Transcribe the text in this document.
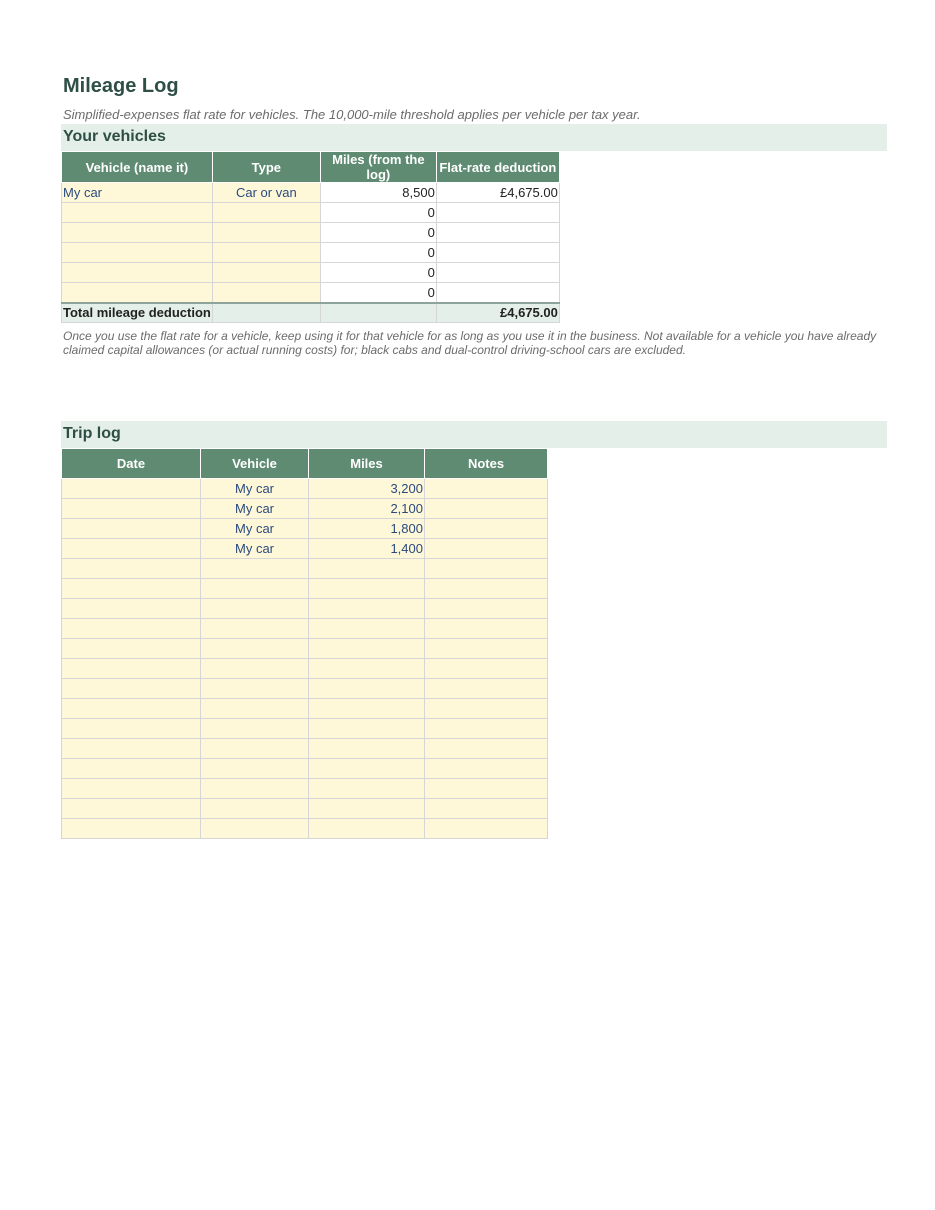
Mileage Log
Simplified-expenses flat rate for vehicles. The 10,000-mile threshold applies per vehicle per tax year.
Your vehicles
Vehicle (name it)	Type	Miles (from the log)	Flat-rate deduction
My car	Car or van	8,500	£4,675.00
		0	
		0	
		0	
		0	
		0	
Total mileage deduction			£4,675.00
Once you use the flat rate for a vehicle, keep using it for that vehicle for as long as you use it in the business. Not available for a vehicle you have already claimed capital allowances (or actual running costs) for; black cabs and dual-control driving-school cars are excluded.
Trip log
Date	Vehicle	Miles	Notes
	My car	3,200	
	My car	2,100	
	My car	1,800	
	My car	1,400	
